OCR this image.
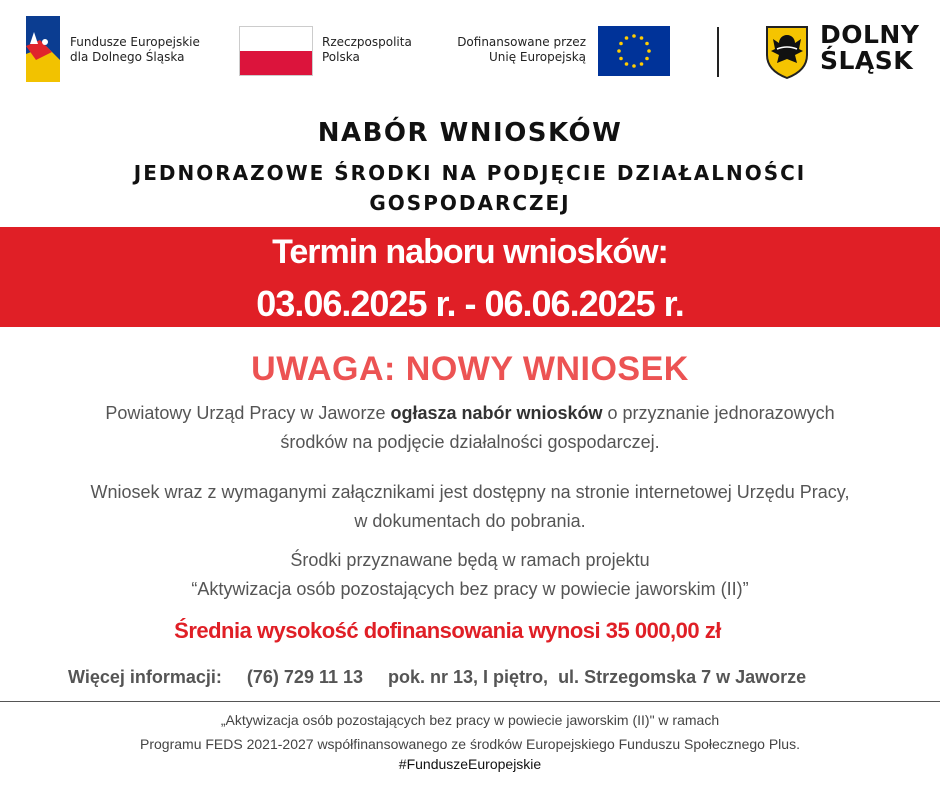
Fundusze Europejskie
dla Dolnego Śląska
Rzeczpospolita
Polska
Dofinansowane przez
Unię Europejską
DOLNY
ŚLĄSK
NABÓR WNIOSKÓW
JEDNORAZOWE ŚRODKI NA PODJĘCIE DZIAŁALNOŚCI
GOSPODARCZEJ
Termin naboru wniosków:
03.06.2025 r. - 06.06.2025 r.
UWAGA: NOWY WNIOSEK
Powiatowy Urząd Pracy w Jaworze ogłasza nabór wniosków o przyznanie jednorazowych
środków na podjęcie działalności gospodarczej.
Wniosek wraz z wymaganymi załącznikami jest dostępny na stronie internetowej Urzędu Pracy,
w dokumentach do pobrania.
Środki przyznawane będą w ramach projektu
“Aktywizacja osób pozostających bez pracy w powiecie jaworskim (II)”
Średnia wysokość dofinansowania wynosi 35 000,00 zł
Więcej informacji: (76) 729 11 13 pok. nr 13, I piętro,  ul. Strzegomska 7 w Jaworze
„Aktywizacja osób pozostających bez pracy w powiecie jaworskim (II)" w ramach
Programu FEDS 2021-2027 współfinansowanego ze środków Europejskiego Funduszu Społecznego Plus.
#FunduszeEuropejskie
